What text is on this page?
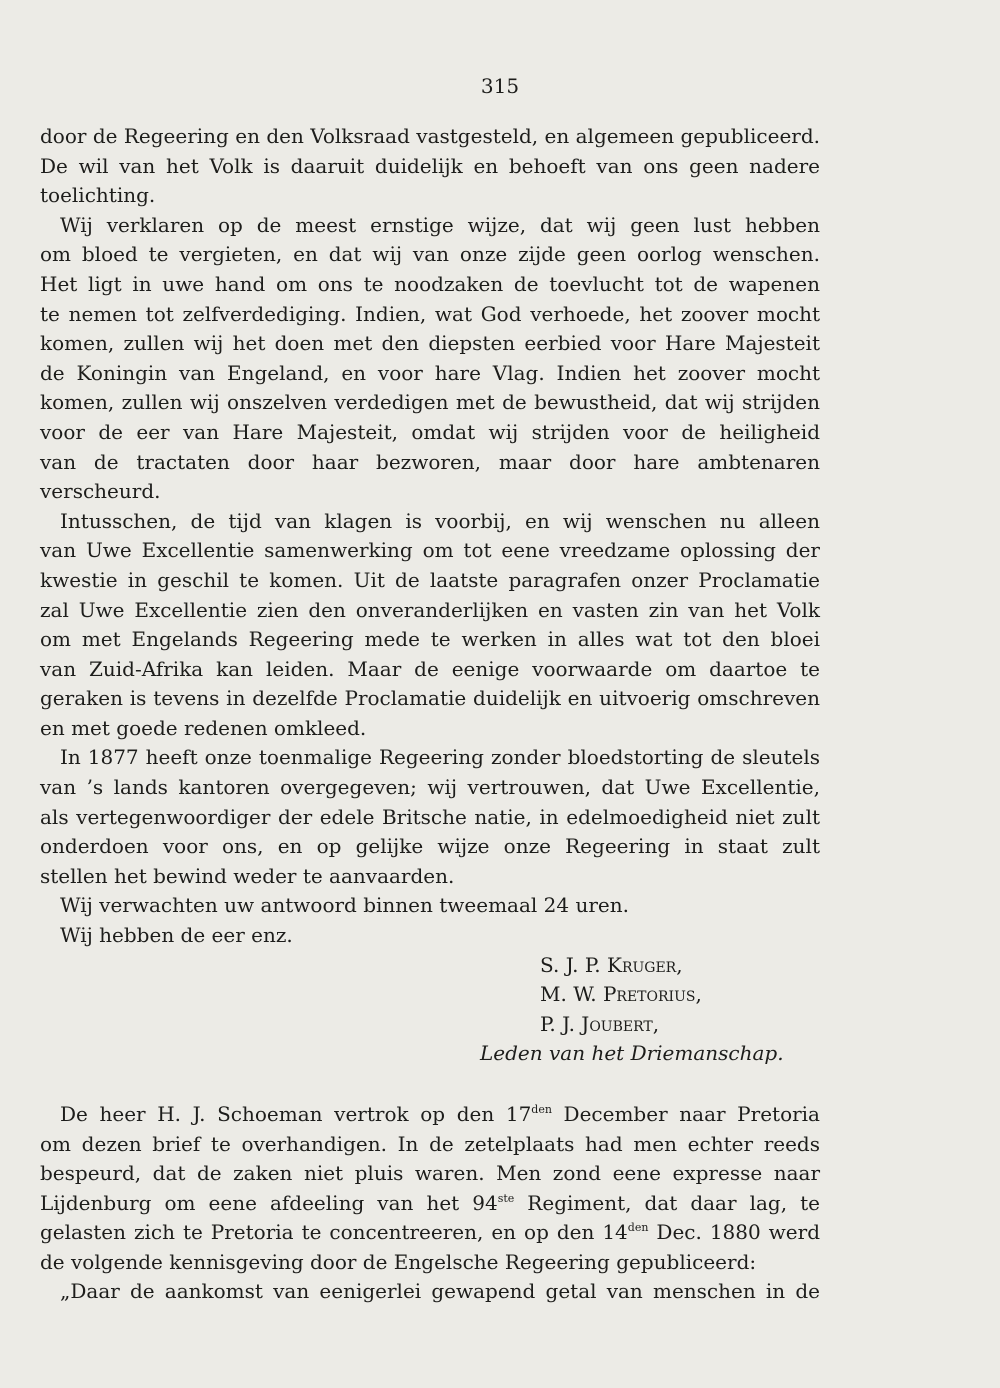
315
door de Regeering en den Volksraad vastgesteld, en algemeen gepubliceerd.
De wil van het Volk is daaruit duidelijk en behoeft van ons geen nadere
toelichting.
Wij verklaren op de meest ernstige wijze, dat wij geen lust hebben
om bloed te vergieten, en dat wij van onze zijde geen oorlog wenschen.
Het ligt in uwe hand om ons te noodzaken de toevlucht tot de wapenen
te nemen tot zelfverdediging. Indien, wat God verhoede, het zoover mocht
komen, zullen wij het doen met den diepsten eerbied voor Hare Majesteit
de Koningin van Engeland, en voor hare Vlag. Indien het zoover mocht
komen, zullen wij onszelven verdedigen met de bewustheid, dat wij strijden
voor de eer van Hare Majesteit, omdat wij strijden voor de heiligheid
van de tractaten door haar bezworen, maar door hare ambtenaren
verscheurd.
Intusschen, de tijd van klagen is voorbij, en wij wenschen nu alleen
van Uwe Excellentie samenwerking om tot eene vreedzame oplossing der
kwestie in geschil te komen. Uit de laatste paragrafen onzer Proclamatie
zal Uwe Excellentie zien den onveranderlijken en vasten zin van het Volk
om met Engelands Regeering mede te werken in alles wat tot den bloei
van Zuid-Afrika kan leiden. Maar de eenige voorwaarde om daartoe te
geraken is tevens in dezelfde Proclamatie duidelijk en uitvoerig omschreven
en met goede redenen omkleed.
In 1877 heeft onze toenmalige Regeering zonder bloedstorting de sleutels
van ’s lands kantoren overgegeven; wij vertrouwen, dat Uwe Excellentie,
als vertegenwoordiger der edele Britsche natie, in edelmoedigheid niet zult
onderdoen voor ons, en op gelijke wijze onze Regeering in staat zult
stellen het bewind weder te aanvaarden.
Wij verwachten uw antwoord binnen tweemaal 24 uren.
Wij hebben de eer enz.
S. J. P. Kruger,
M. W. Pretorius,
P. J. Joubert,
Leden van het Driemanschap.
De heer H. J. Schoeman vertrok op den $17^{den}$ December naar Pretoria
om dezen brief te overhandigen. In de zetelplaats had men echter reeds
bespeurd, dat de zaken niet pluis waren. Men zond eene expresse naar
Lijdenburg om eene afdeeling van het 94ste Regiment, dat daar lag, te
gelasten zich te Pretoria te concentreeren, en op den $14^{den}$ Dec. 1880 werd
de volgende kennisgeving door de Engelsche Regeering gepubliceerd:
„Daar de aankomst van eenigerlei gewapend getal van menschen in de
